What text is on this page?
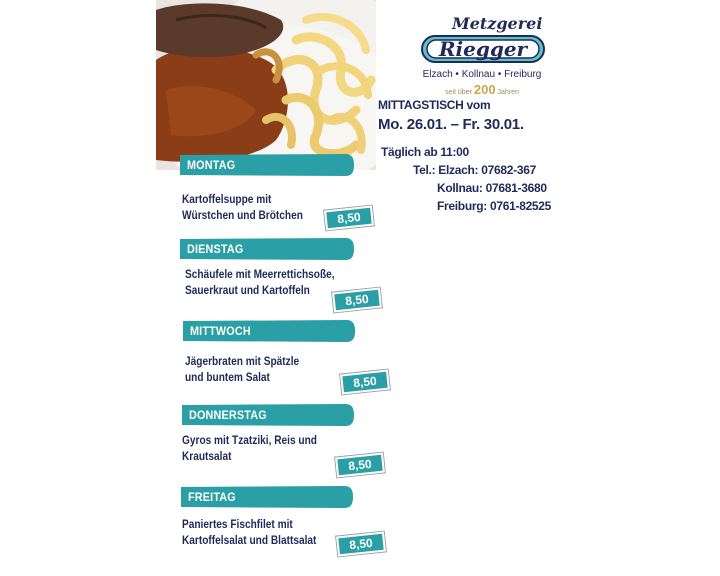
Metzgerei
Riegger
Elzach • Kollnau • Freiburg
seit über 200 Jahren
MITTAGSTISCH vom
Mo. 26.01. – Fr. 30.01.
Täglich ab 11:00
Tel.: Elzach: 07682-367
Kollnau: 07681-3680
Freiburg: 0761-82525
MONTAG
Kartoffelsuppe mit
Würstchen und Brötchen	8,50
DIENSTAG
Schäufele mit Meerrettichsoße,
Sauerkraut und Kartoffeln
8,50
MITTWOCH
Jägerbraten mit Spätzle
und buntem Salat	8,50
DONNERSTAG
Gyros mit Tzatziki, Reis und
Krautsalat	8,50
FREITAG
Paniertes Fischfilet mit
Kartoffelsalat und Blattsalat	8,50
